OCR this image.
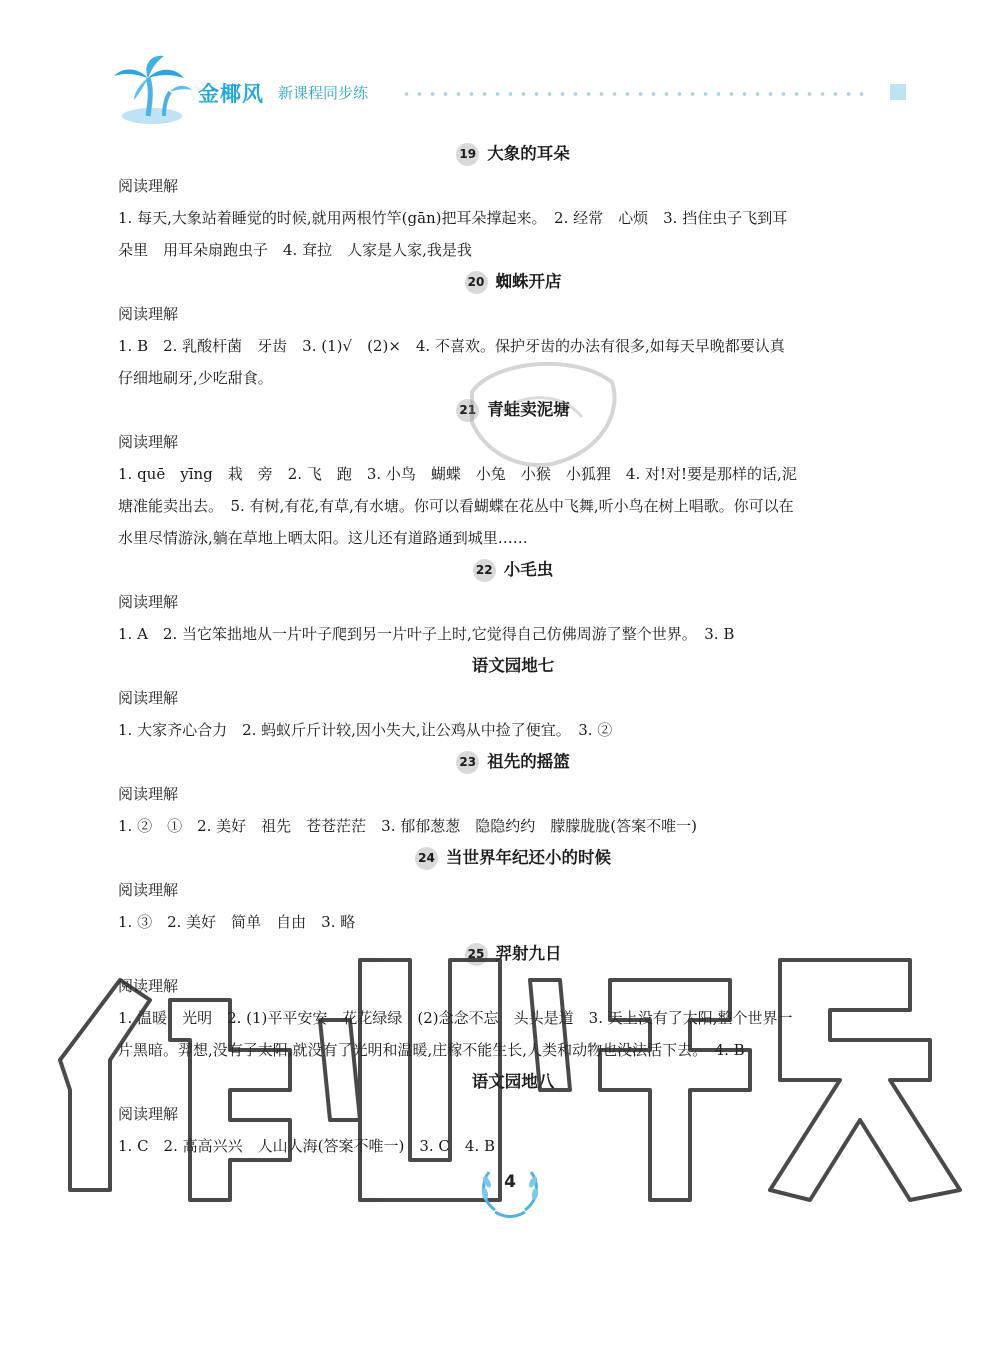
金椰风 新课程同步练
19 大象的耳朵
阅读理解
1. 每天,大象站着睡觉的时候,就用两根竹竿(gān)把耳朵撑起来。　2. 经常　心烦　3. 挡住虫子飞到耳
朵里　用耳朵扇跑虫子　4. 耷拉　人家是人家,我是我
20 蜘蛛开店
阅读理解
1. B　2. 乳酸杆菌　牙齿　3. (1)√　(2)×　4. 不喜欢。保护牙齿的办法有很多,如每天早晚都要认真
仔细地刷牙,少吃甜食。
21 青蛙卖泥塘
阅读理解
1. quē　yīng　栽　旁　2. 飞　跑　3. 小鸟　蝴蝶　小兔　小猴　小狐狸　4. 对!对!要是那样的话,泥
塘准能卖出去。　5. 有树,有花,有草,有水塘。你可以看蝴蝶在花丛中飞舞,听小鸟在树上唱歌。你可以在
水里尽情游泳,躺在草地上晒太阳。这儿还有道路通到城里……
22 小毛虫
阅读理解
1. A　2. 当它笨拙地从一片叶子爬到另一片叶子上时,它觉得自己仿佛周游了整个世界。　3. B
语文园地七
阅读理解
1. 大家齐心合力　2. 蚂蚁斤斤计较,因小失大,让公鸡从中捡了便宜。　3. ②
23 祖先的摇篮
阅读理解
1. ②　①　2. 美好　祖先　苍苍茫茫　3. 郁郁葱葱　隐隐约约　朦朦胧胧(答案不唯一)
24 当世界年纪还小的时候
阅读理解
1. ③　2. 美好　简单　自由　3. 略
25 羿射九日
阅读理解
1. 温暖　光明　2. (1)平平安安　花花绿绿　(2)念念不忘　头头是道　3. 天上没有了太阳,整个世界一
片黑暗。羿想,没有了太阳,就没有了光明和温暖,庄稼不能生长,人类和动物也没法活下去。　4. B
语文园地八
阅读理解
1. C　2. 高高兴兴　人山人海(答案不唯一)　3. C　4. B
4
